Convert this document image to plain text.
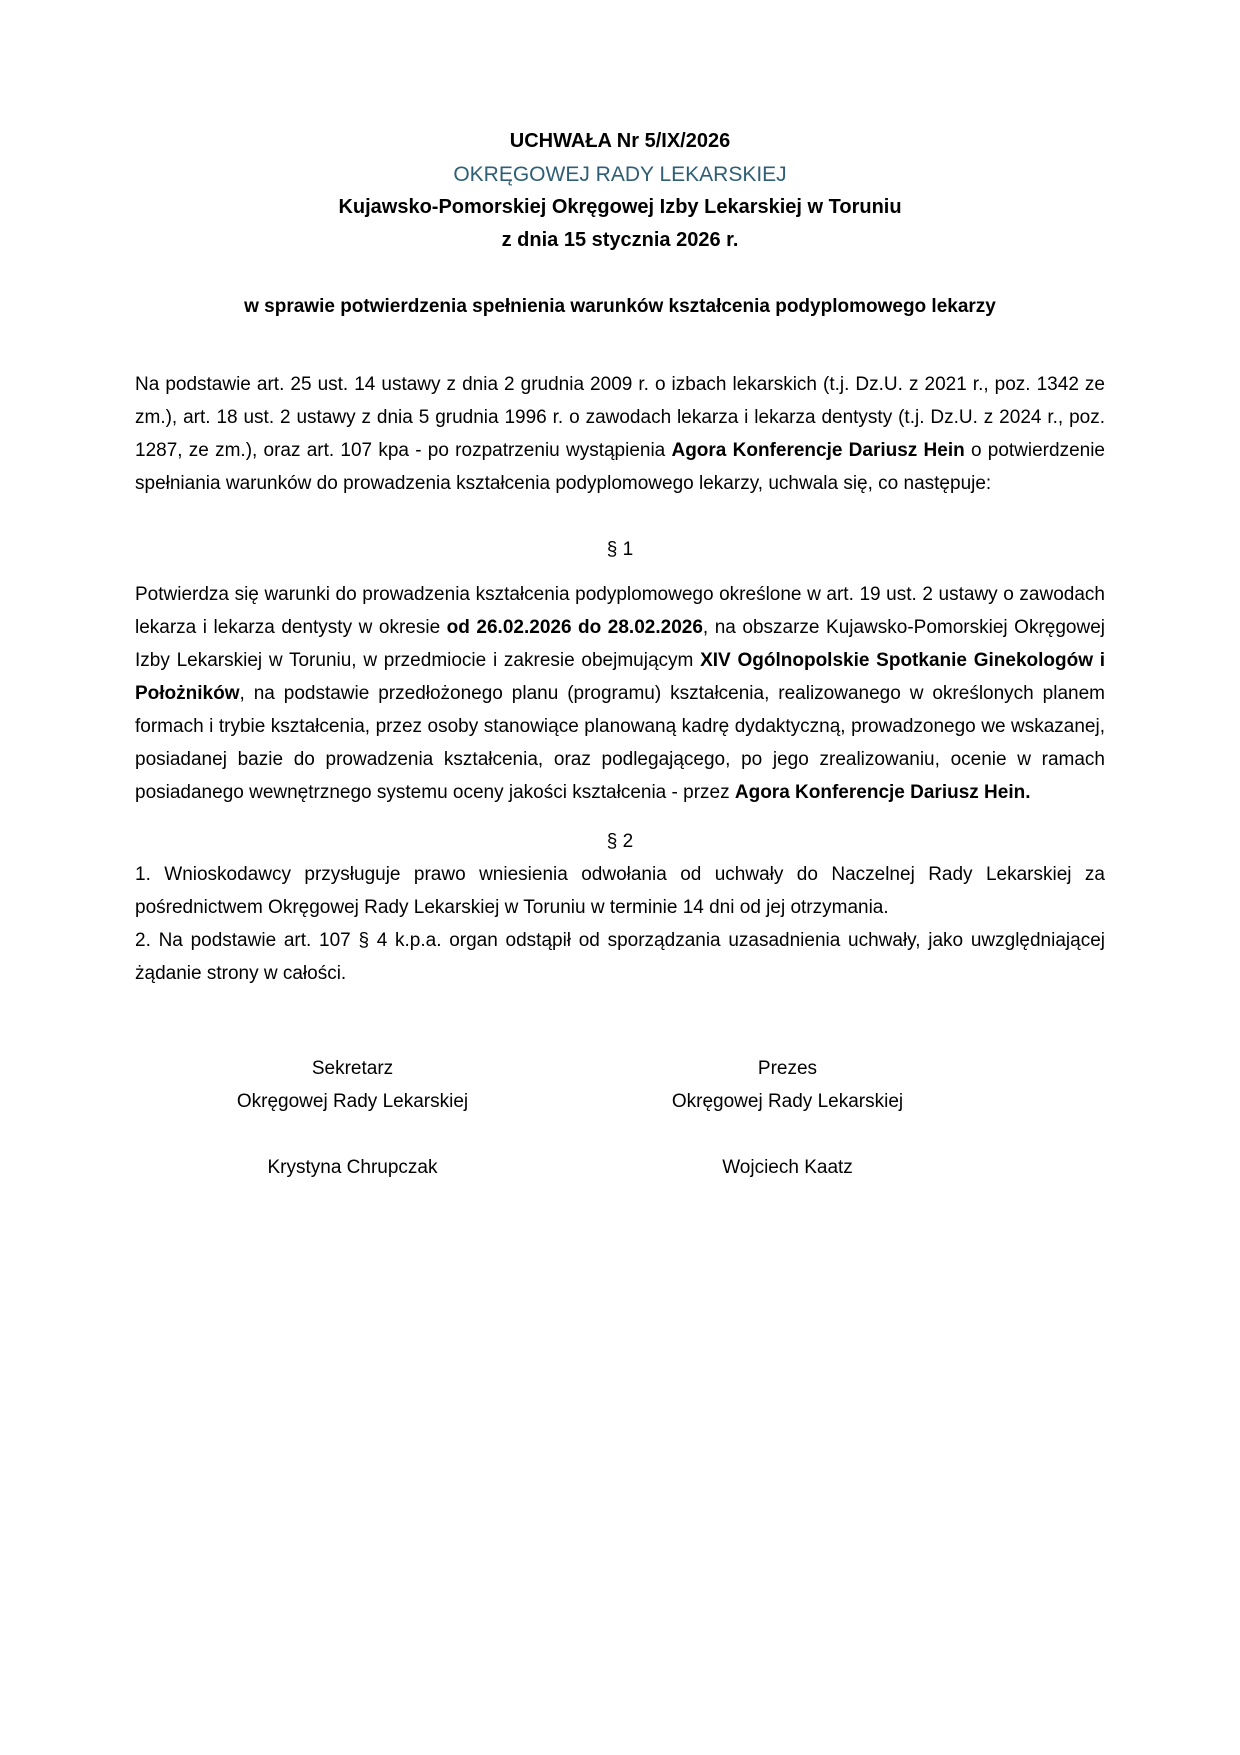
UCHWAŁA Nr 5/IX/2026
OKRĘGOWEJ RADY LEKARSKIEJ
Kujawsko-Pomorskiej Okręgowej Izby Lekarskiej w Toruniu
z dnia 15 stycznia 2026 r.
w sprawie potwierdzenia spełnienia warunków kształcenia podyplomowego lekarzy

Na podstawie art. 25 ust. 14 ustawy z dnia 2 grudnia 2009 r. o izbach lekarskich (t.j. Dz.U. z 2021 r., poz. 1342 ze zm.), art. 18 ust. 2 ustawy z dnia 5 grudnia 1996 r. o zawodach lekarza i lekarza dentysty (t.j. Dz.U. z 2024 r., poz. 1287, ze zm.), oraz art. 107 kpa - po rozpatrzeniu wystąpienia Agora Konferencje Dariusz Hein o potwierdzenie spełniania warunków do prowadzenia kształcenia podyplomowego lekarzy, uchwala się, co następuje:

§ 1

Potwierdza się warunki do prowadzenia kształcenia podyplomowego określone w art. 19 ust. 2 ustawy o zawodach lekarza i lekarza dentysty w okresie od 26.02.2026 do 28.02.2026, na obszarze Kujawsko-Pomorskiej Okręgowej Izby Lekarskiej w Toruniu, w przedmiocie i zakresie obejmującym XIV Ogólnopolskie Spotkanie Ginekologów i Położników, na podstawie przedłożonego planu (programu) kształcenia, realizowanego w określonych planem formach i trybie kształcenia, przez osoby stanowiące planowaną kadrę dydaktyczną, prowadzonego we wskazanej, posiadanej bazie do prowadzenia kształcenia, oraz podlegającego, po jego zrealizowaniu, ocenie w ramach posiadanego wewnętrznego systemu oceny jakości kształcenia - przez Agora Konferencje Dariusz Hein.

§ 2

1. Wnioskodawcy przysługuje prawo wniesienia odwołania od uchwały do Naczelnej Rady Lekarskiej za pośrednictwem Okręgowej Rady Lekarskiej w Toruniu w terminie 14 dni od jej otrzymania.

2. Na podstawie art. 107 § 4 k.p.a. organ odstąpił od sporządzania uzasadnienia uchwały, jako uwzględniającej żądanie strony w całości.

Sekretarz
Okręgowej Rady Lekarskiej
Krystyna Chrupczak
Prezes
Okręgowej Rady Lekarskiej
Wojciech Kaatz
